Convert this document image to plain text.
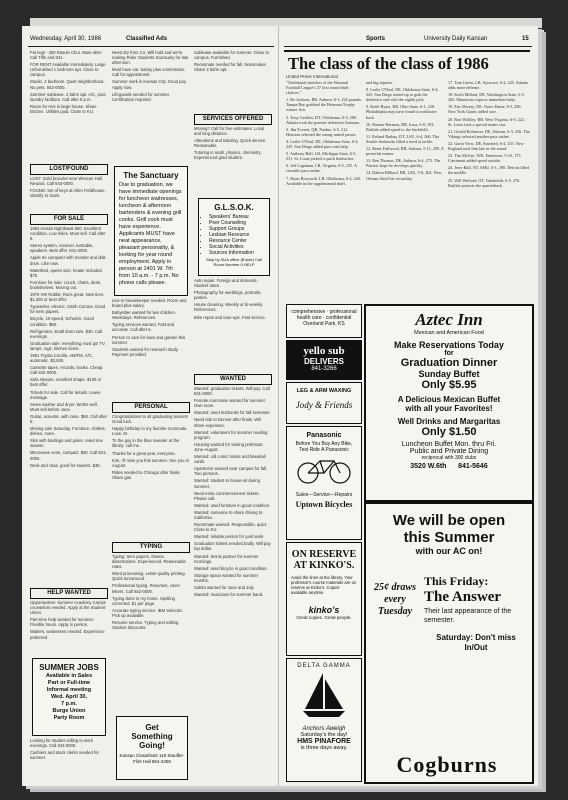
Wednesday, April 30, 1986	Classified Ads

Fat legs - 300 Rasule Chur. Mare after. Call Tiffe and 841.

FOR RENT Available Immediately. Large Unfurnished 1 bedroom apt. Close to campus.

Studio, 2 bedroom. Quiet neighborhood. No pets. 842-0000.

Summer sublease. 2 bdrm apt. A/C, pool, laundry facilities. Call after 5 p.m.

Room for rent in large house. Share kitchen. Utilities paid. Close to KU.

LOST/FOUND

LOST: Gold bracelet near Wescoe Hall. Reward. Call 843-0000.

FOUND: Set of keys at Allen Fieldhouse. Identify to claim.

FOR SALE

1983 Honda Nighthawk 650. Excellent condition. Low miles. Must sell. Call after 6.

Stereo system, receiver, turntable, speakers. Best offer. 841-0000.

Apple IIe computer with monitor and disk drive. Like new.

Waterbed, queen size, heater included. $75.

Furniture for sale: couch, chairs, desk, bookshelves. Moving out.

1979 VW Rabbit. Runs great. New tires. $1,200 or best offer.

Typewriter, electric, Smith Corona. Good for term papers.

Bicycle, 10-speed, Schwinn. Good condition. $60.

Refrigerator, small dorm size. $40. Call evenings.

Graduation sale: everything must go! TV, lamps, rugs, kitchen items.

1981 Toyota Corolla. AM/FM, A/C, automatic. $2,500.

Cassette tapes, records, books. Cheap. Call 842-0000.

Sofa sleeper, excellent shape. $100 or best offer.

Tickets for sale. Call for details. Leave message.

Sears washer and dryer. Works well. Must sell before June.

Guitar, acoustic, with case. $90. Call after 5.

Moving sale Saturday. Furniture, clothes, dishes, more.

Skis with bindings and poles. Used one season.

Microwave oven, compact. $50. Call 841-0000.

Desk and chair, good for student. $35.

HELP WANTED

Opportunities: Summer Academy Camps counselors needed. Apply at the Student Union.

Part-time help wanted for summer. Flexible hours. Apply in person.

Waiters, waitresses needed. Experience preferred.

SUMMER JOBS
Available in Sales
Part or Full-time
Informal meeting
Wed. April 30,
7 p.m.
Burge Union
Party Room

Looking for student willing to work evenings. Call 843-0000.

Cashiers and stock clerks needed for summer.

Need dry from Co. Will hold and we're making Rider Students Sanctuary for late afternoon.

Must have car. Salary plus commission. Call for appointment.

Summer work in Kansas City. Good pay. Apply now.

Lifeguards needed for summer. Certification required.

The Sanctuary
Due to graduation, we have immediate openings for luncheon waitresses, luncheon & afternoon bartenders & evening grill cooks. Grill cook must have experience. Applicants MUST have neat appearance, pleasant personality, & looking for year round employment. Apply in person at 1401 W. 7th from 10 a.m. - 7 p.m. No phone calls please.

Live-in housekeeper needed. Room and board plus salary.

Babysitter wanted for two children. Weekdays. References.

Typing services wanted. Fast and accurate. Call after 5.

Person to care for lawn and garden this summer.

Students wanted for research study. Payment provided.

PERSONAL

Congratulations to all graduating seniors! Good luck.

Happy birthday to my favorite roommate. Love, M.

To the guy in the blue sweater at the library: call me.

Thanks for a great year, everyone.

Kim, I'll miss you this summer. See you in August.

Rides needed to Chicago after finals. Share gas.

TYPING

Typing: term papers, theses, dissertations. Experienced. Reasonable rates.

Word processing. Letter quality printing. Quick turnaround.

Professional typing. Resumes, cover letters. Call 842-0000.

Typing done in my home. Spelling corrected. $1 per page.

Accurate typing service. IBM Selectric. Pick up available.

Resume service. Typing and editing. Student discounts.

Get
Something
Going!
Kansan Classifieds 119 Stauffer-Flint Hall 864-4358

Sublease available for summer. Close to campus. Furnished.

Roommate needed for fall. Nonsmoker. Share 2 bdrm apt.

SERVICES OFFERED

Moving? Call for free estimates. Local and long distance.

Alterations and tailoring. Quick service. Reasonable.

Tutoring in math, physics, chemistry. Experienced grad student.

G.L.S.O.K.
• Speakers' Bureau
• Peer Counseling
• Support Groups
• Lesbian Resource
• Resource Center
• Social Activities
• Sources Information
Stop by SUA office (B'side) Call Room Number 0-HELP

Auto repair. Foreign and domestic. Student rates.

Photography for weddings, portraits, parties.

House cleaning. Weekly or bi-weekly. References.

Bike repair and tune-ups. Fast service.

WANTED

Wanted: graduation tickets. Will pay. Call 841-0000.

Female roommate wanted for summer. Own room.

Wanted: used textbooks for fall semester.

Need ride to Denver after finals. Will share expenses.

Wanted: volunteers for summer reading program.

Housing wanted for visiting professor. June-August.

Wanted: old comic books and baseball cards.

Apartment wanted near campus for fall. Two persons.

Wanted: student to house-sit during summer.

Need extra commencement tickets. Please call.

Wanted: used furniture in good condition.

Wanted: someone to share driving to California.

Roommate wanted. Responsible, quiet. Close to KU.

Wanted: reliable person for yard work.

Graduation tickets needed badly. Will pay top dollar.

Wanted: tennis partner for summer mornings.

Wanted: used bicycle in good condition.

Storage space wanted for summer months.

Sublet wanted for June and July.

Wanted: musicians for summer band.

Sports	University Daily Kansan	15
The class of the class of 1986
United Press International

"Traditional stretches of the National Football League's 27 first round draft choices."

1. Bo Jackson, RB, Auburn, 6-1, 222 pounds. Tampa Bay grabbed the Heisman Trophy winner first.

2. Tony Casillas, DT, Oklahoma, 6-3, 280. Atlanta took the premier defensive lineman.

3. Jim Everett, QB, Purdue, 6-5, 212. Houston selected the strong-armed passer.

4. Leslie O'Neal, DE, Oklahoma State, 6-4, 245. San Diego added pass rush help.

5. Anthony Bell, LB, Michigan State, 6-3, 231. St. Louis picked a quick linebacker.

6. Jeff Lageman, LB, Virginia, 6-5, 235. A versatile pass rusher.

7. Brian Bosworth, LB, Oklahoma, 6-2, 240. Available in the supplemental draft.

and big injuries.

8. Leslie O'Neal, DE, Oklahoma State, 6-4, 245. San Diego traded up to grab the defensive end with the eighth pick.

9. Keith Byars, RB, Ohio State, 6-1, 238. Philadelphia may have found a workhorse back.

10. Ronnie Harmon, RB, Iowa, 6-0, 193. Buffalo added speed to the backfield.

11. Roland Barbay, DT, LSU, 6-4, 260. The Seattle Seahawks filled a need at tackle.

12. Brent Fullwood, RB, Auburn, 5-11, 209. A powerful runner.

13. Ben Thomas, DE, Auburn, 6-4, 275. The Patriots hope he develops quickly.

14. Dalton Hilliard, RB, LSU, 5-8, 204. New Orleans liked his versatility.

17. Tom Green, LB, Syracuse, 6-2, 245. Atlanta adds more defense.

18. Keith Millard, DE, Washington State, 6-5, 260. Minnesota expects immediate help.

19. Eric Dorsey, DE, Notre Dame, 6-5, 280. New York Giants added size.

20. Ron Wolfley, RB, West Virginia, 6-0, 222. St. Louis took a special teams star.

21. Gerald Robinson, DE, Auburn, 6-3, 256. The Vikings selected another pass rusher.

22. Garin Veris, DE, Stanford, 6-4, 255. New England took him late in the round.

23. Tim McGee, WR, Tennessee, 5-10, 175. Cincinnati added speed outside.

24. Jerry Ball, NT, SMU, 6-1, 290. Detroit filled the middle.

25. Will Wolford, OT, Vanderbilt, 6-5, 276. Buffalo protects the quarterback.

comprehensive · professional
health care · confidential
Overland Park, KS
yello sub
DELIVERS
841-3266
LEG & ARM WAXING
Jody & Friends
Panasonic
Before You Buy Any Bike, Test Ride A Panasonic
Sales—Service—Repairs
Uptown Bicycles
ON RESERVE AT KINKO'S.
Avoid the lines at the library. Your professor's course materials are on reserve at Kinko's. Copies available anytime.
kinko's
Great copies. Great people.
DELTA GAMMA
Anchors Aweigh
Saturday's the day!
HMS PINAFORE
is three days away.
Aztec Inn
Mexican and American Food
Make Reservations Today
for
Graduation Dinner
Sunday Buffet
Only $5.95
A Delicious Mexican Buffet
with all your Favorites!
Well Drinks and Margaritas
Only $1.50
Luncheon Buffet Mon. thru Fri.
Public and Private Dining
reciprocal with 300 clubs
3520 W.6th 841-5646
We will be open
this Summer
with our AC on!
25¢ draws every Tuesday
This Friday:
The Answer
Their last appearance of the semester.
Saturday: Don't miss In/Out
Cogburns
